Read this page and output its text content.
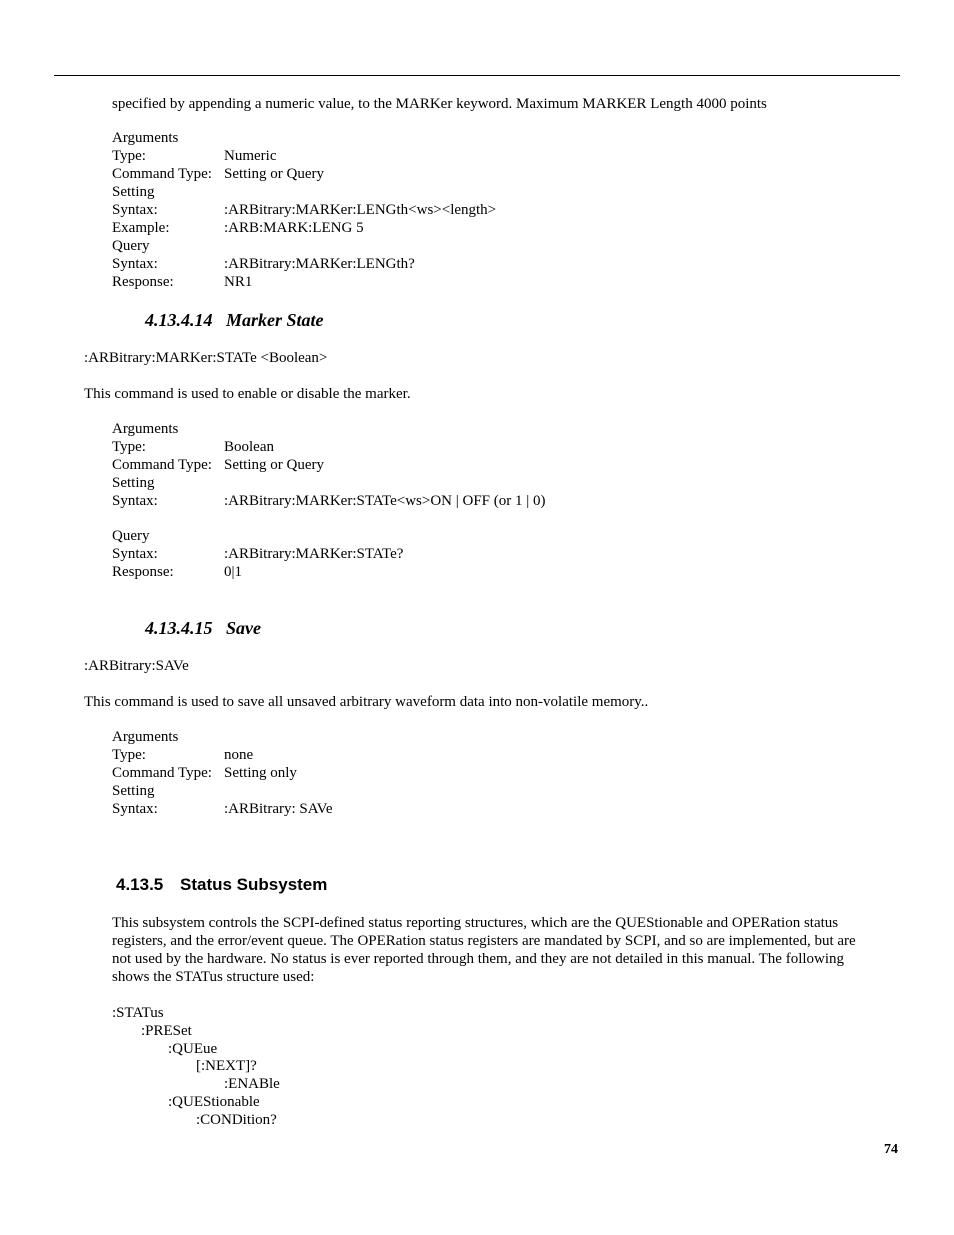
specified by appending a numeric value, to the MARKer keyword. Maximum MARKER Length 4000 points
Arguments
Type:	Numeric
Command Type: Setting or Query
Setting
Syntax:	:ARBitrary:MARKer:LENGth<ws><length>
Example:	:ARB:MARK:LENG 5
Query
Syntax:	:ARBitrary:MARKer:LENGth?
Response:	NR1
4.13.4.14 Marker State
:ARBitrary:MARKer:STATe <Boolean>
This command is used to enable or disable the marker.
Arguments
Type:	Boolean
Command Type: Setting or Query
Setting
Syntax:	:ARBitrary:MARKer:STATe<ws>ON | OFF (or 1 | 0)
Query
Syntax:	:ARBitrary:MARKer:STATe?
Response:	0|1
4.13.4.15 Save
:ARBitrary:SAVe
This command is used to save all unsaved arbitrary waveform data into non-volatile memory..
Arguments
Type:	none
Command Type: Setting only
Setting
Syntax:	:ARBitrary: SAVe
4.13.5 Status Subsystem
This subsystem controls the SCPI-defined status reporting structures, which are the QUEStionable and OPERation status
registers, and the error/event queue. The OPERation status registers are mandated by SCPI, and so are implemented, but are
not used by the hardware. No status is ever reported through them, and they are not detailed in this manual. The following
shows the STATus structure used:
:STATus
:PRESet
:QUEue
[:NEXT]?
:ENABle
:QUEStionable
:CONDition?
74
